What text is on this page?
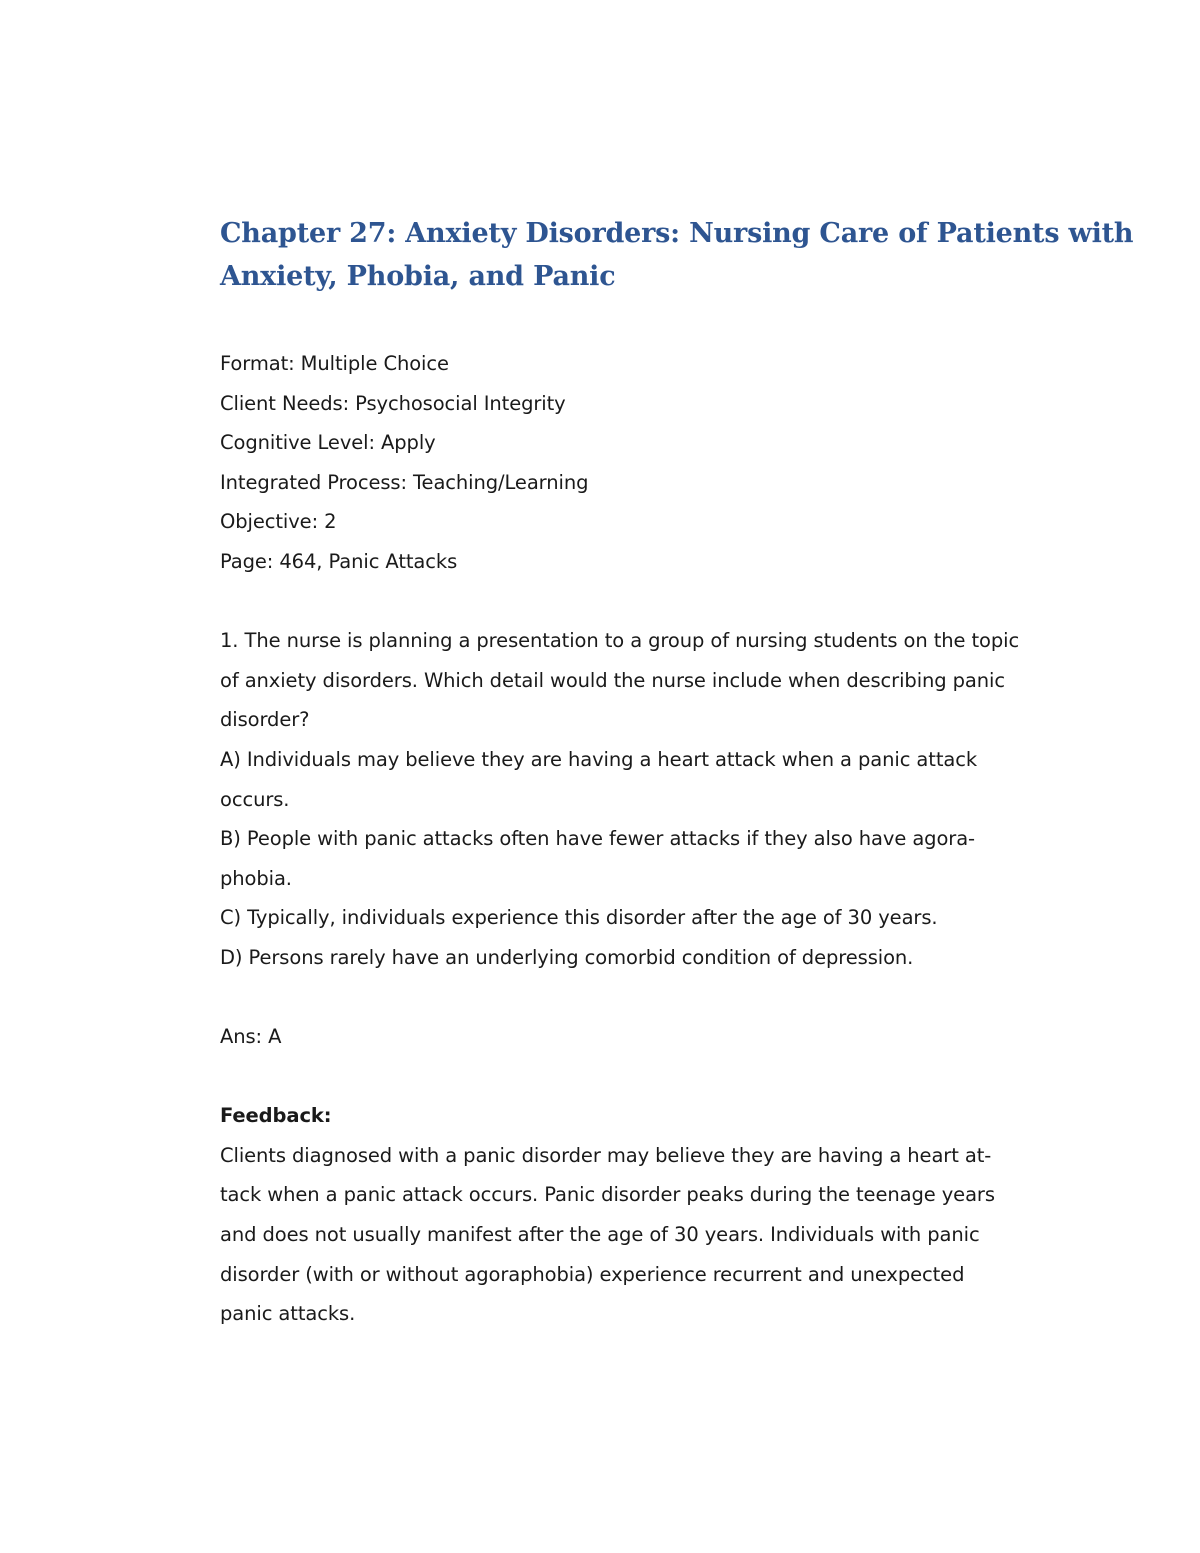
Chapter 27: Anxiety Disorders: Nursing Care of Patients with
Anxiety, Phobia, and Panic

Format: Multiple Choice

Client Needs: Psychosocial Integrity

Cognitive Level: Apply

Integrated Process: Teaching/Learning

Objective: 2

Page: 464, Panic Attacks

1. The nurse is planning a presentation to a group of nursing students on the topic

of anxiety disorders. Which detail would the nurse include when describing panic

disorder?

A) Individuals may believe they are having a heart attack when a panic attack

occurs.

B) People with panic attacks often have fewer attacks if they also have agora-

phobia.

C) Typically, individuals experience this disorder after the age of 30 years.

D) Persons rarely have an underlying comorbid condition of depression.

Ans: A

Feedback:

Clients diagnosed with a panic disorder may believe they are having a heart at-

tack when a panic attack occurs. Panic disorder peaks during the teenage years

and does not usually manifest after the age of 30 years. Individuals with panic

disorder (with or without agoraphobia) experience recurrent and unexpected

panic attacks.
